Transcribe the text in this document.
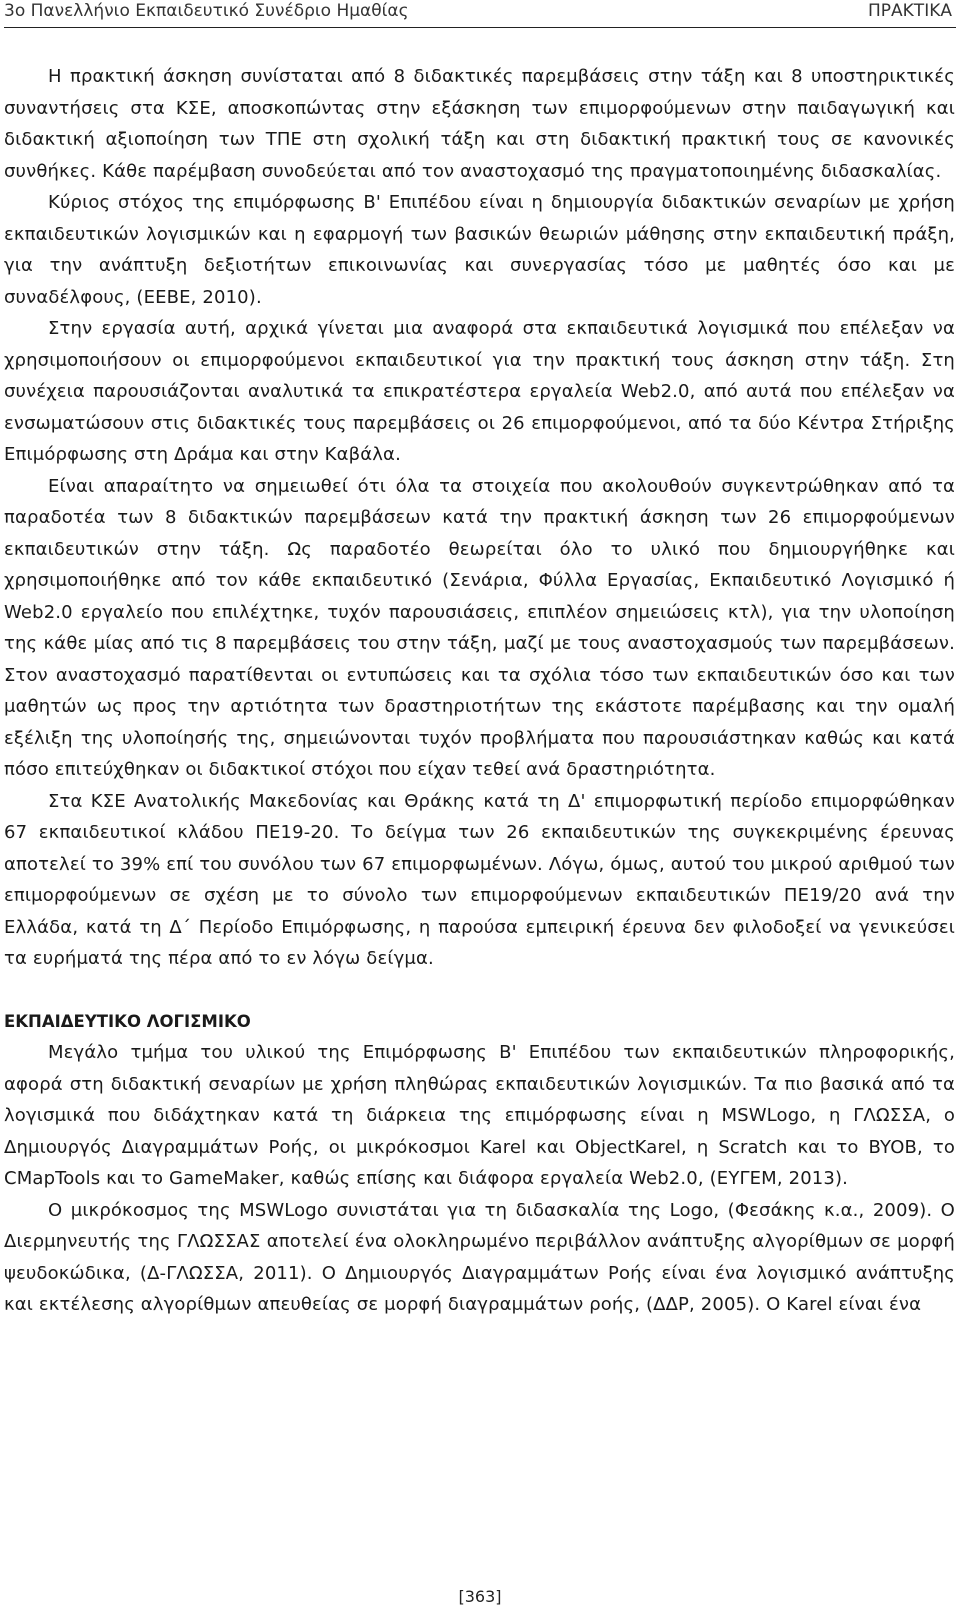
3ο Πανελλήνιο Εκπαιδευτικό Συνέδριο Ημαθίας	ΠΡΑΚΤΙΚΑ

Η πρακτική άσκηση συνίσταται από 8 διδακτικές παρεμβάσεις στην τάξη και 8 υποστηρικτικές συναντήσεις στα ΚΣΕ, αποσκοπώντας στην εξάσκηση των επιμορφούμενων στην παιδαγωγική και διδακτική αξιοποίηση των ΤΠΕ στη σχολική τάξη και στη διδακτική πρακτική τους σε κανονικές συνθήκες. Κάθε παρέμβαση συνοδεύεται από τον αναστοχασμό της πραγματοποιημένης διδασκαλίας.

Κύριος στόχος της επιμόρφωσης Β' Επιπέδου είναι η δημιουργία διδακτικών σεναρίων με χρήση εκπαιδευτικών λογισμικών και η εφαρμογή των βασικών θεωριών μάθησης στην εκπαιδευτική πράξη, για την ανάπτυξη δεξιοτήτων επικοινωνίας και συνεργασίας τόσο με μαθητές όσο και με συναδέλφους, (ΕΕΒΕ, 2010).

Στην εργασία αυτή, αρχικά γίνεται μια αναφορά στα εκπαιδευτικά λογισμικά που επέλεξαν να χρησιμοποιήσουν οι επιμορφούμενοι εκπαιδευτικοί για την πρακτική τους άσκηση στην τάξη. Στη συνέχεια παρουσιάζονται αναλυτικά τα επικρατέστερα εργαλεία Web2.0, από αυτά που επέλεξαν να ενσωματώσουν στις διδακτικές τους παρεμβάσεις οι 26 επιμορφούμενοι, από τα δύο Κέντρα Στήριξης Επιμόρφωσης στη Δράμα και στην Καβάλα.

Είναι απαραίτητο να σημειωθεί ότι όλα τα στοιχεία που ακολουθούν συγκεντρώθηκαν από τα παραδοτέα των 8 διδακτικών παρεμβάσεων κατά την πρακτική άσκηση των 26 επιμορφούμενων εκπαιδευτικών στην τάξη. Ως παραδοτέο θεωρείται όλο το υλικό που δημιουργήθηκε και χρησιμοποιήθηκε από τον κάθε εκπαιδευτικό (Σενάρια, Φύλλα Εργασίας, Εκπαιδευτικό Λογισμικό ή Web2.0 εργαλείο που επιλέχτηκε, τυχόν παρουσιάσεις, επιπλέον σημειώσεις κτλ), για την υλοποίηση της κάθε μίας από τις 8 παρεμβάσεις του στην τάξη, μαζί με τους αναστοχασμούς των παρεμβάσεων. Στον αναστοχασμό παρατίθενται οι εντυπώσεις και τα σχόλια τόσο των εκπαιδευτικών όσο και των μαθητών ως προς την αρτιότητα των δραστηριοτήτων της εκάστοτε παρέμβασης και την ομαλή εξέλιξη της υλοποίησής της, σημειώνονται τυχόν προβλήματα που παρουσιάστηκαν καθώς και κατά πόσο επιτεύχθηκαν οι διδακτικοί στόχοι που είχαν τεθεί ανά δραστηριότητα.

Στα ΚΣΕ Ανατολικής Μακεδονίας και Θράκης κατά τη Δ' επιμορφωτική περίοδο επιμορφώθηκαν 67 εκπαιδευτικοί κλάδου ΠΕ19-20. Το δείγμα των 26 εκπαιδευτικών της συγκεκριμένης έρευνας αποτελεί το 39% επί του συνόλου των 67 επιμορφωμένων. Λόγω, όμως, αυτού του μικρού αριθμού των επιμορφούμενων σε σχέση με το σύνολο των επιμορφούμενων εκπαιδευτικών ΠΕ19/20 ανά την Ελλάδα, κατά τη Δ΄ Περίοδο Επιμόρφωσης, η παρούσα εμπειρική έρευνα δεν φιλοδοξεί να γενικεύσει τα ευρήματά της πέρα από το εν λόγω δείγμα.

ΕΚΠΑΙΔΕΥΤΙΚΟ ΛΟΓΙΣΜΙΚΟ

Μεγάλο τμήμα του υλικού της Επιμόρφωσης Β' Επιπέδου των εκπαιδευτικών πληροφορικής, αφορά στη διδακτική σεναρίων με χρήση πληθώρας εκπαιδευτικών λογισμικών. Τα πιο βασικά από τα λογισμικά που διδάχτηκαν κατά τη διάρκεια της επιμόρφωσης είναι η MSWLogo, η ΓΛΩΣΣΑ, ο Δημιουργός Διαγραμμάτων Ροής, οι μικρόκοσμοι Karel και ObjectKarel, η Scratch και το BYOB, το CMapTools και το GameMaker, καθώς επίσης και διάφορα εργαλεία Web2.0, (ΕΥΓΕΜ, 2013).

Ο μικρόκοσμος της MSWLogo συνιστάται για τη διδασκαλία της Logo, (Φεσάκης κ.α., 2009). Ο Διερμηνευτής της ΓΛΩΣΣΑΣ αποτελεί ένα ολοκληρωμένο περιβάλλον ανάπτυξης αλγορίθμων σε μορφή ψευδοκώδικα, (Δ-ΓΛΩΣΣΑ, 2011). Ο Δημιουργός Διαγραμμάτων Ροής είναι ένα λογισμικό ανάπτυξης και εκτέλεσης αλγορίθμων απευθείας σε μορφή διαγραμμάτων ροής, (ΔΔΡ, 2005). Ο Karel είναι ένα

[363]
